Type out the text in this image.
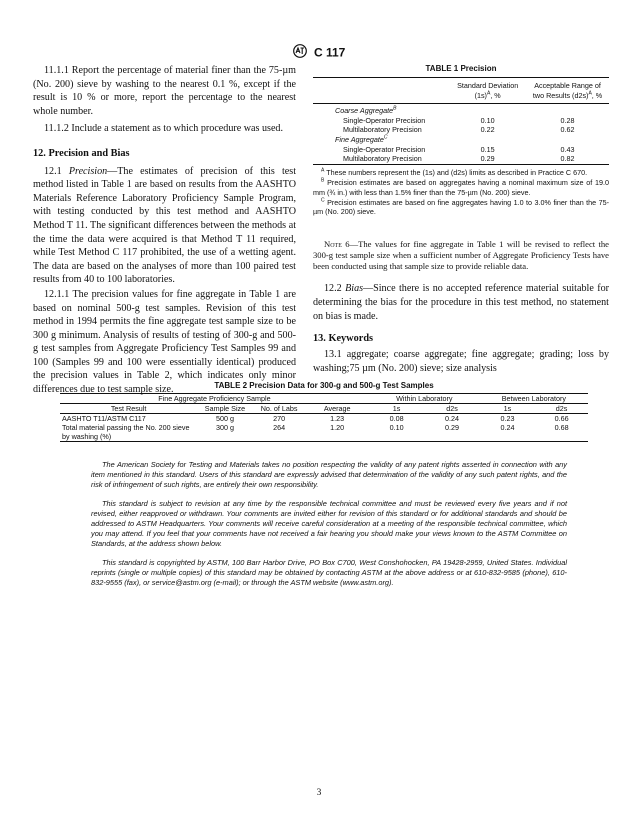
C 117

11.1.1 Report the percentage of material finer than the 75-µm (No. 200) sieve by washing to the nearest 0.1 %, except if the result is 10 % or more, report the percentage to the nearest whole number.

11.1.2 Include a statement as to which procedure was used.

12. Precision and Bias

12.1 Precision—The estimates of precision of this test method listed in Table 1 are based on results from the AASHTO Materials Reference Laboratory Proficiency Sample Program, with testing conducted by this test method and AASHTO Method T 11. The significant differences between the methods at the time the data were acquired is that Method T 11 required, while Test Method C 117 prohibited, the use of a wetting agent. The data are based on the analyses of more than 100 paired test results from 40 to 100 laboratories.

12.1.1 The precision values for fine aggregate in Table 1 are based on nominal 500-g test samples. Revision of this test method in 1994 permits the fine aggregate test sample size to be 300 g minimum. Analysis of results of testing of 300-g and 500-g test samples from Aggregate Proficiency Test Samples 99 and 100 (Samples 99 and 100 were essentially identical) produced the precision values in Table 2, which indicates only minor differences due to test sample size.

TABLE 1 Precision
	Standard Deviation $(1s)^A$, %	Acceptable Range of two Results $(d2s)^A$, %
Coarse Aggregate$^B$		
Single-Operator Precision	0.10	0.28
Multilaboratory Precision	0.22	0.62
Fine Aggregate$^C$		
Single-Operator Precision	0.15	0.43
Multilaboratory Precision	0.29	0.82

$^A$ These numbers represent the (1s) and (d2s) limits as described in Practice C 670.

$^B$ Precision estimates are based on aggregates having a nominal maximum size of 19.0 mm (¾ in.) with less than 1.5% finer than the 75-µm (No. 200) sieve.

$^C$ Precision estimates are based on fine aggregates having 1.0 to 3.0% finer than the 75-µm (No. 200) sieve.

Note 6—The values for fine aggregate in Table 1 will be revised to reflect the 300-g test sample size when a sufficient number of Aggregate Proficiency Tests have been conducted using that sample size to provide reliable data.

12.2 Bias—Since there is no accepted reference material suitable for determining the bias for the procedure in this test method, no statement on bias is made.

13. Keywords

13.1 aggregate; coarse aggregate; fine aggregate; grading; loss by washing;75 µm (No. 200) sieve; size analysis

TABLE 2 Precision Data for 300-g and 500-g Test Samples
Fine Aggregate Proficiency Sample				Within Laboratory		Between Laboratory	
Test Result	Sample Size	No. of Labs	Average	1s	d2s	1s	d2s
AASHTO T11/ASTM C117	500 g	270	1.23	0.08	0.24	0.23	0.66
Total material passing the No. 200 sieve by washing (%)	300 g	264	1.20	0.10	0.29	0.24	0.68

The American Society for Testing and Materials takes no position respecting the validity of any patent rights asserted in connection with any item mentioned in this standard. Users of this standard are expressly advised that determination of the validity of any such patent rights, and the risk of infringement of such rights, are entirely their own responsibility.

This standard is subject to revision at any time by the responsible technical committee and must be reviewed every five years and if not revised, either reapproved or withdrawn. Your comments are invited either for revision of this standard or for additional standards and should be addressed to ASTM Headquarters. Your comments will receive careful consideration at a meeting of the responsible technical committee, which you may attend. If you feel that your comments have not received a fair hearing you should make your views known to the ASTM Committee on Standards, at the address shown below.

This standard is copyrighted by ASTM, 100 Barr Harbor Drive, PO Box C700, West Conshohocken, PA 19428-2959, United States. Individual reprints (single or multiple copies) of this standard may be obtained by contacting ASTM at the above address or at 610-832-9585 (phone), 610-832-9555 (fax), or service@astm.org (e-mail); or through the ASTM website (www.astm.org).

3
